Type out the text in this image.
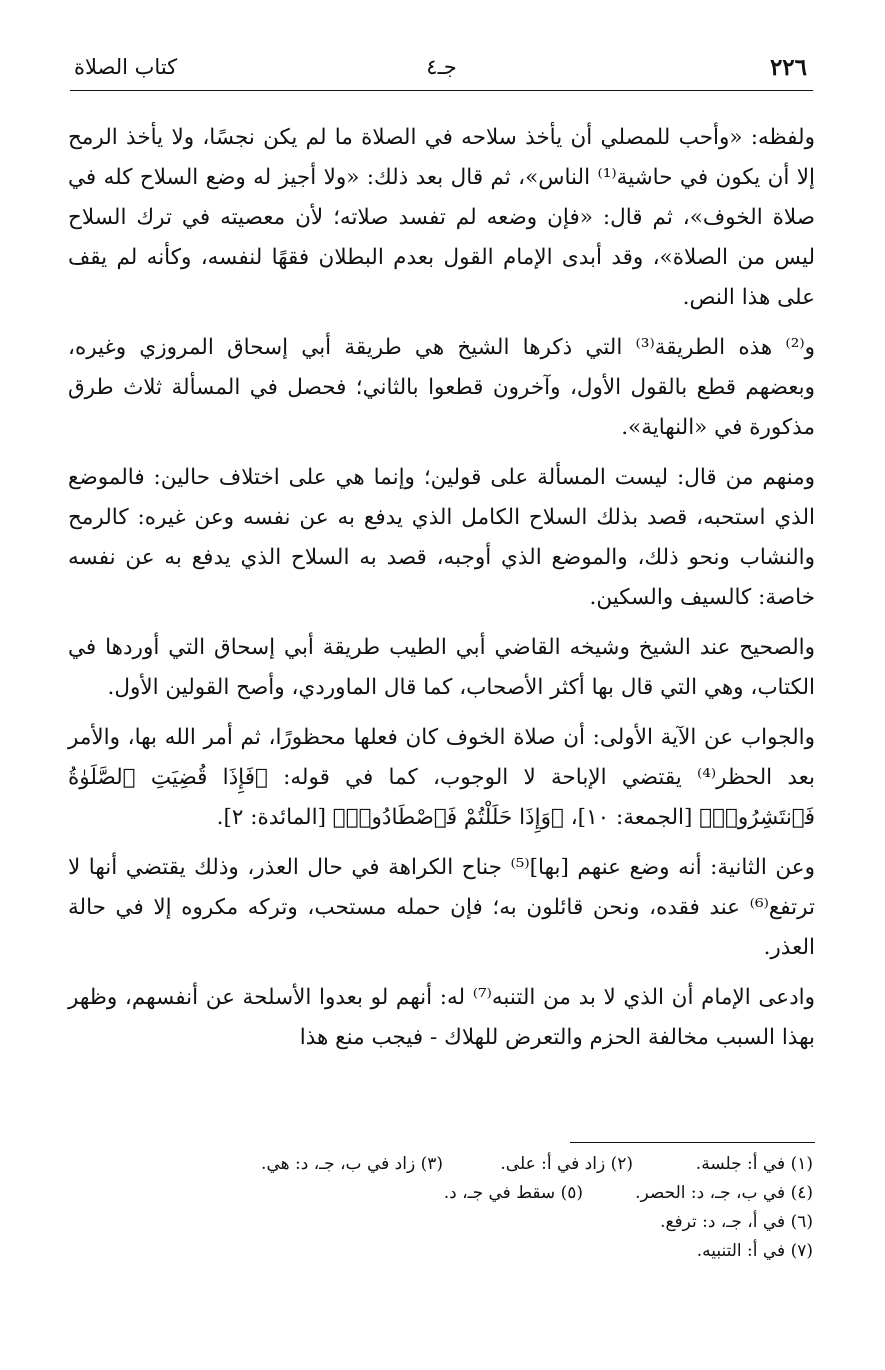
٢٢٦
جـ٤
كتاب الصلاة

ولفظه: «وأحب للمصلي أن يأخذ سلاحه في الصلاة ما لم يكن نجسًا، ولا يأخذ الرمح إلا أن يكون في حاشية⁽¹⁾ الناس»، ثم قال بعد ذلك: «ولا أجيز له وضع السلاح كله في صلاة الخوف»، ثم قال: «فإن وضعه لم تفسد صلاته؛ لأن معصيته في ترك السلاح ليس من الصلاة»، وقد أبدى الإمام القول بعدم البطلان فقهًا لنفسه، وكأنه لم يقف على هذا النص.

و⁽²⁾ هذه الطريقة⁽³⁾ التي ذكرها الشيخ هي طريقة أبي إسحاق المروزي وغيره، وبعضهم قطع بالقول الأول، وآخرون قطعوا بالثاني؛ فحصل في المسألة ثلاث طرق مذكورة في «النهاية».

ومنهم من قال: ليست المسألة على قولين؛ وإنما هي على اختلاف حالين: فالموضع الذي استحبه، قصد بذلك السلاح الكامل الذي يدفع به عن نفسه وعن غيره: كالرمح والنشاب ونحو ذلك، والموضع الذي أوجبه، قصد به السلاح الذي يدفع به عن نفسه خاصة: كالسيف والسكين.

والصحيح عند الشيخ وشيخه القاضي أبي الطيب طريقة أبي إسحاق التي أوردها في الكتاب، وهي التي قال بها أكثر الأصحاب، كما قال الماوردي، وأصح القولين الأول.

والجواب عن الآية الأولى: أن صلاة الخوف كان فعلها محظورًا، ثم أمر الله بها، والأمر بعد الحظر⁽⁴⁾ يقتضي الإباحة لا الوجوب، كما في قوله: ﴿فَإِذَا قُضِيَتِ ٱلصَّلَوٰةُ فَٱنتَشِرُوا۟﴾ [الجمعة: ١٠]، ﴿وَإِذَا حَلَلْتُمْ فَٱصْطَادُوا۟﴾ [المائدة: ٢].

وعن الثانية: أنه وضع عنهم [بها]⁽⁵⁾ جناح الكراهة في حال العذر، وذلك يقتضي أنها لا ترتفع⁽⁶⁾ عند فقده، ونحن قائلون به؛ فإن حمله مستحب، وتركه مكروه إلا في حالة العذر.

وادعى الإمام أن الذي لا بد من التنبه⁽⁷⁾ له: أنهم لو بعدوا الأسلحة عن أنفسهم، وظهر بهذا السبب مخالفة الحزم والتعرض للهلاك - فيجب منع هذا

(١) في أ: جلسة.
(٢) زاد في أ: على.
(٣) زاد في ب، جـ، د: هي.
(٤) في ب، جـ، د: الحصر.
(٥) سقط في جـ، د.
(٦) في أ، جـ، د: ترفع.
(٧) في أ: التنبيه.
